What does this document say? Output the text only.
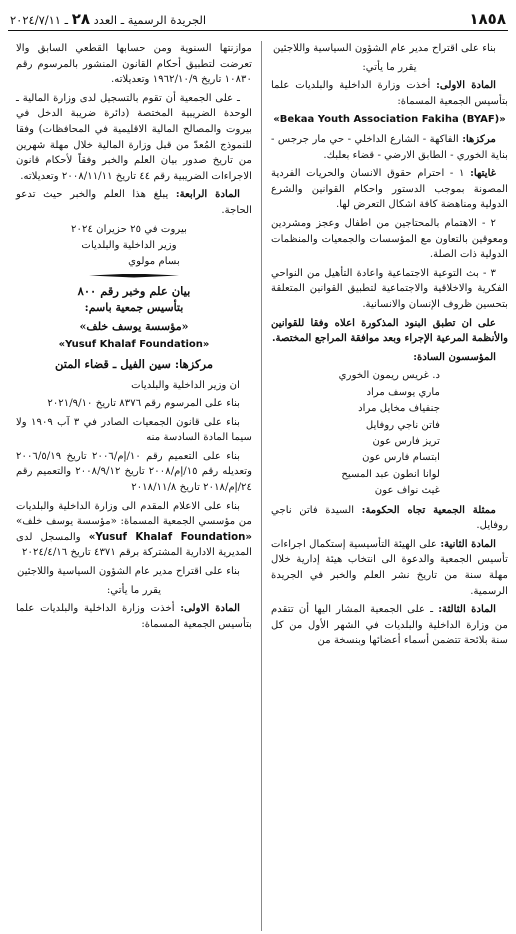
١٨٥٨
الجريدة الرسمية ـ العدد ٢٨ ـ ٢٠٢٤/٧/١١

بناء على اقتراح مدير عام الشؤون السياسية واللاجئين

يقرر ما يأتي:

المادة الاولى: أخذت وزارة الداخلية والبلديات علما بتأسيس الجمعية المسماة:

«Bekaa Youth Association Fakiha (BYAF)»

مركزها: الفاكهة - الشارع الداخلي - حي مار جرجس - بناية الخوري - الطابق الارضي - قضاء بعلبك.

غايتها: ١ - احترام حقوق الانسان والحريات الفردية المصونة بموجب الدستور واحكام القوانين والشرع الدولية ومناهضة كافة اشكال التعرض لها.

٢ - الاهتمام بالمحتاجين من اطفال وعجز ومشردين ومعوقين بالتعاون مع المؤسسات والجمعيات والمنظمات الدولية ذات الصلة.

٣ - بث التوعية الاجتماعية واعادة التأهيل من النواحي الفكرية والاخلاقية والاجتماعية لتطبيق القوانين المتعلقة بتحسين ظروف الإنسان والانسانية.

على ان تطبق البنود المذكورة اعلاه وفقا للقوانين والأنظمة المرعية الإجراء وبعد موافقة المراجع المختصة.

المؤسسون السادة:

د. غريس ريمون الخوري

ماري يوسف مراد

جنفياف مخايل مراد

فاتن ناجي روفايل

تريز فارس عون

ابتسام فارس عون

لوانا انطون عبد المسيح

غيث نواف عون

ممثلة الجمعية تجاه الحكومة: السيدة فاتن ناجي روفايل.

المادة الثانية: على الهيئة التأسيسية إستكمال اجراءات تأسيس الجمعية والدعوة الى انتخاب هيئة إدارية خلال مهلة سنة من تاريخ نشر العلم والخبر في الجريدة الرسمية.

المادة الثالثة: ـ على الجمعية المشار اليها أن تتقدم من وزارة الداخلية والبلديات في الشهر الأول من كل سنة بلائحة تتضمن أسماء أعضائها وبنسخة من

موازنتها السنوية ومن حسابها القطعي السابق والا تعرضت لتطبيق أحكام القانون المنشور بالمرسوم رقم ١٠٨٣٠ تاريخ ١٩٦٢/١٠/٩ وتعديلاته.

ـ على الجمعية أن تقوم بالتسجيل لدى وزارة المالية ـ الوحدة الضريبية المختصة (دائرة ضريبة الدخل في بيروت والمصالح المالية الاقليمية في المحافظات) وفقا للنموذج المُعدّ من قبل وزارة المالية خلال مهلة شهرين من تاريخ صدور بيان العلم والخبر وفقاً لأحكام قانون الاجراءات الضريبية رقم ٤٤ تاريخ ٢٠٠٨/١١/١١ وتعديلاته.

المادة الرابعة: يبلغ هذا العلم والخبر حيث تدعو الحاجة.

بيروت في ٢٥ حزيران ٢٠٢٤

وزير الداخلية والبلديات

بسام مولوي

بيان علم وخبر رقم ٨٠٠

بتأسيس جمعية باسم:

«مؤسسة يوسف خلف»

«Yusuf Khalaf Foundation»

مركزها: سين الفيل ـ قضاء المتن

ان وزير الداخلية والبلديات

بناء على المرسوم رقم ٨٣٧٦ تاريخ ٢٠٢١/٩/١٠

بناء على قانون الجمعيات الصادر في ٣ آب ١٩٠٩ ولا سيما المادة السادسة منه

بناء على التعميم رقم ١٠/إم/٢٠٠٦ تاريخ ٢٠٠٦/٥/١٩ وتعديله رقم ١٥/إم/٢٠٠٨ تاريخ ٢٠٠٨/٩/١٢ والتعميم رقم ٢٤/إم/٢٠١٨ تاريخ ٢٠١٨/١١/٨

بناء على الاعلام المقدم الى وزارة الداخلية والبلديات من مؤسسي الجمعية المسماة: «مؤسسة يوسف خلف» «Yusuf Khalaf Foundation» والمسجل لدى المديرية الادارية المشتركة برقم ٤٣٧١ تاريخ ٢٠٢٤/٤/١٦

بناء على اقتراح مدير عام الشؤون السياسية واللاجئين

يقرر ما يأتي:

المادة الاولى: أخذت وزارة الداخلية والبلديات علما بتأسيس الجمعية المسماة:
